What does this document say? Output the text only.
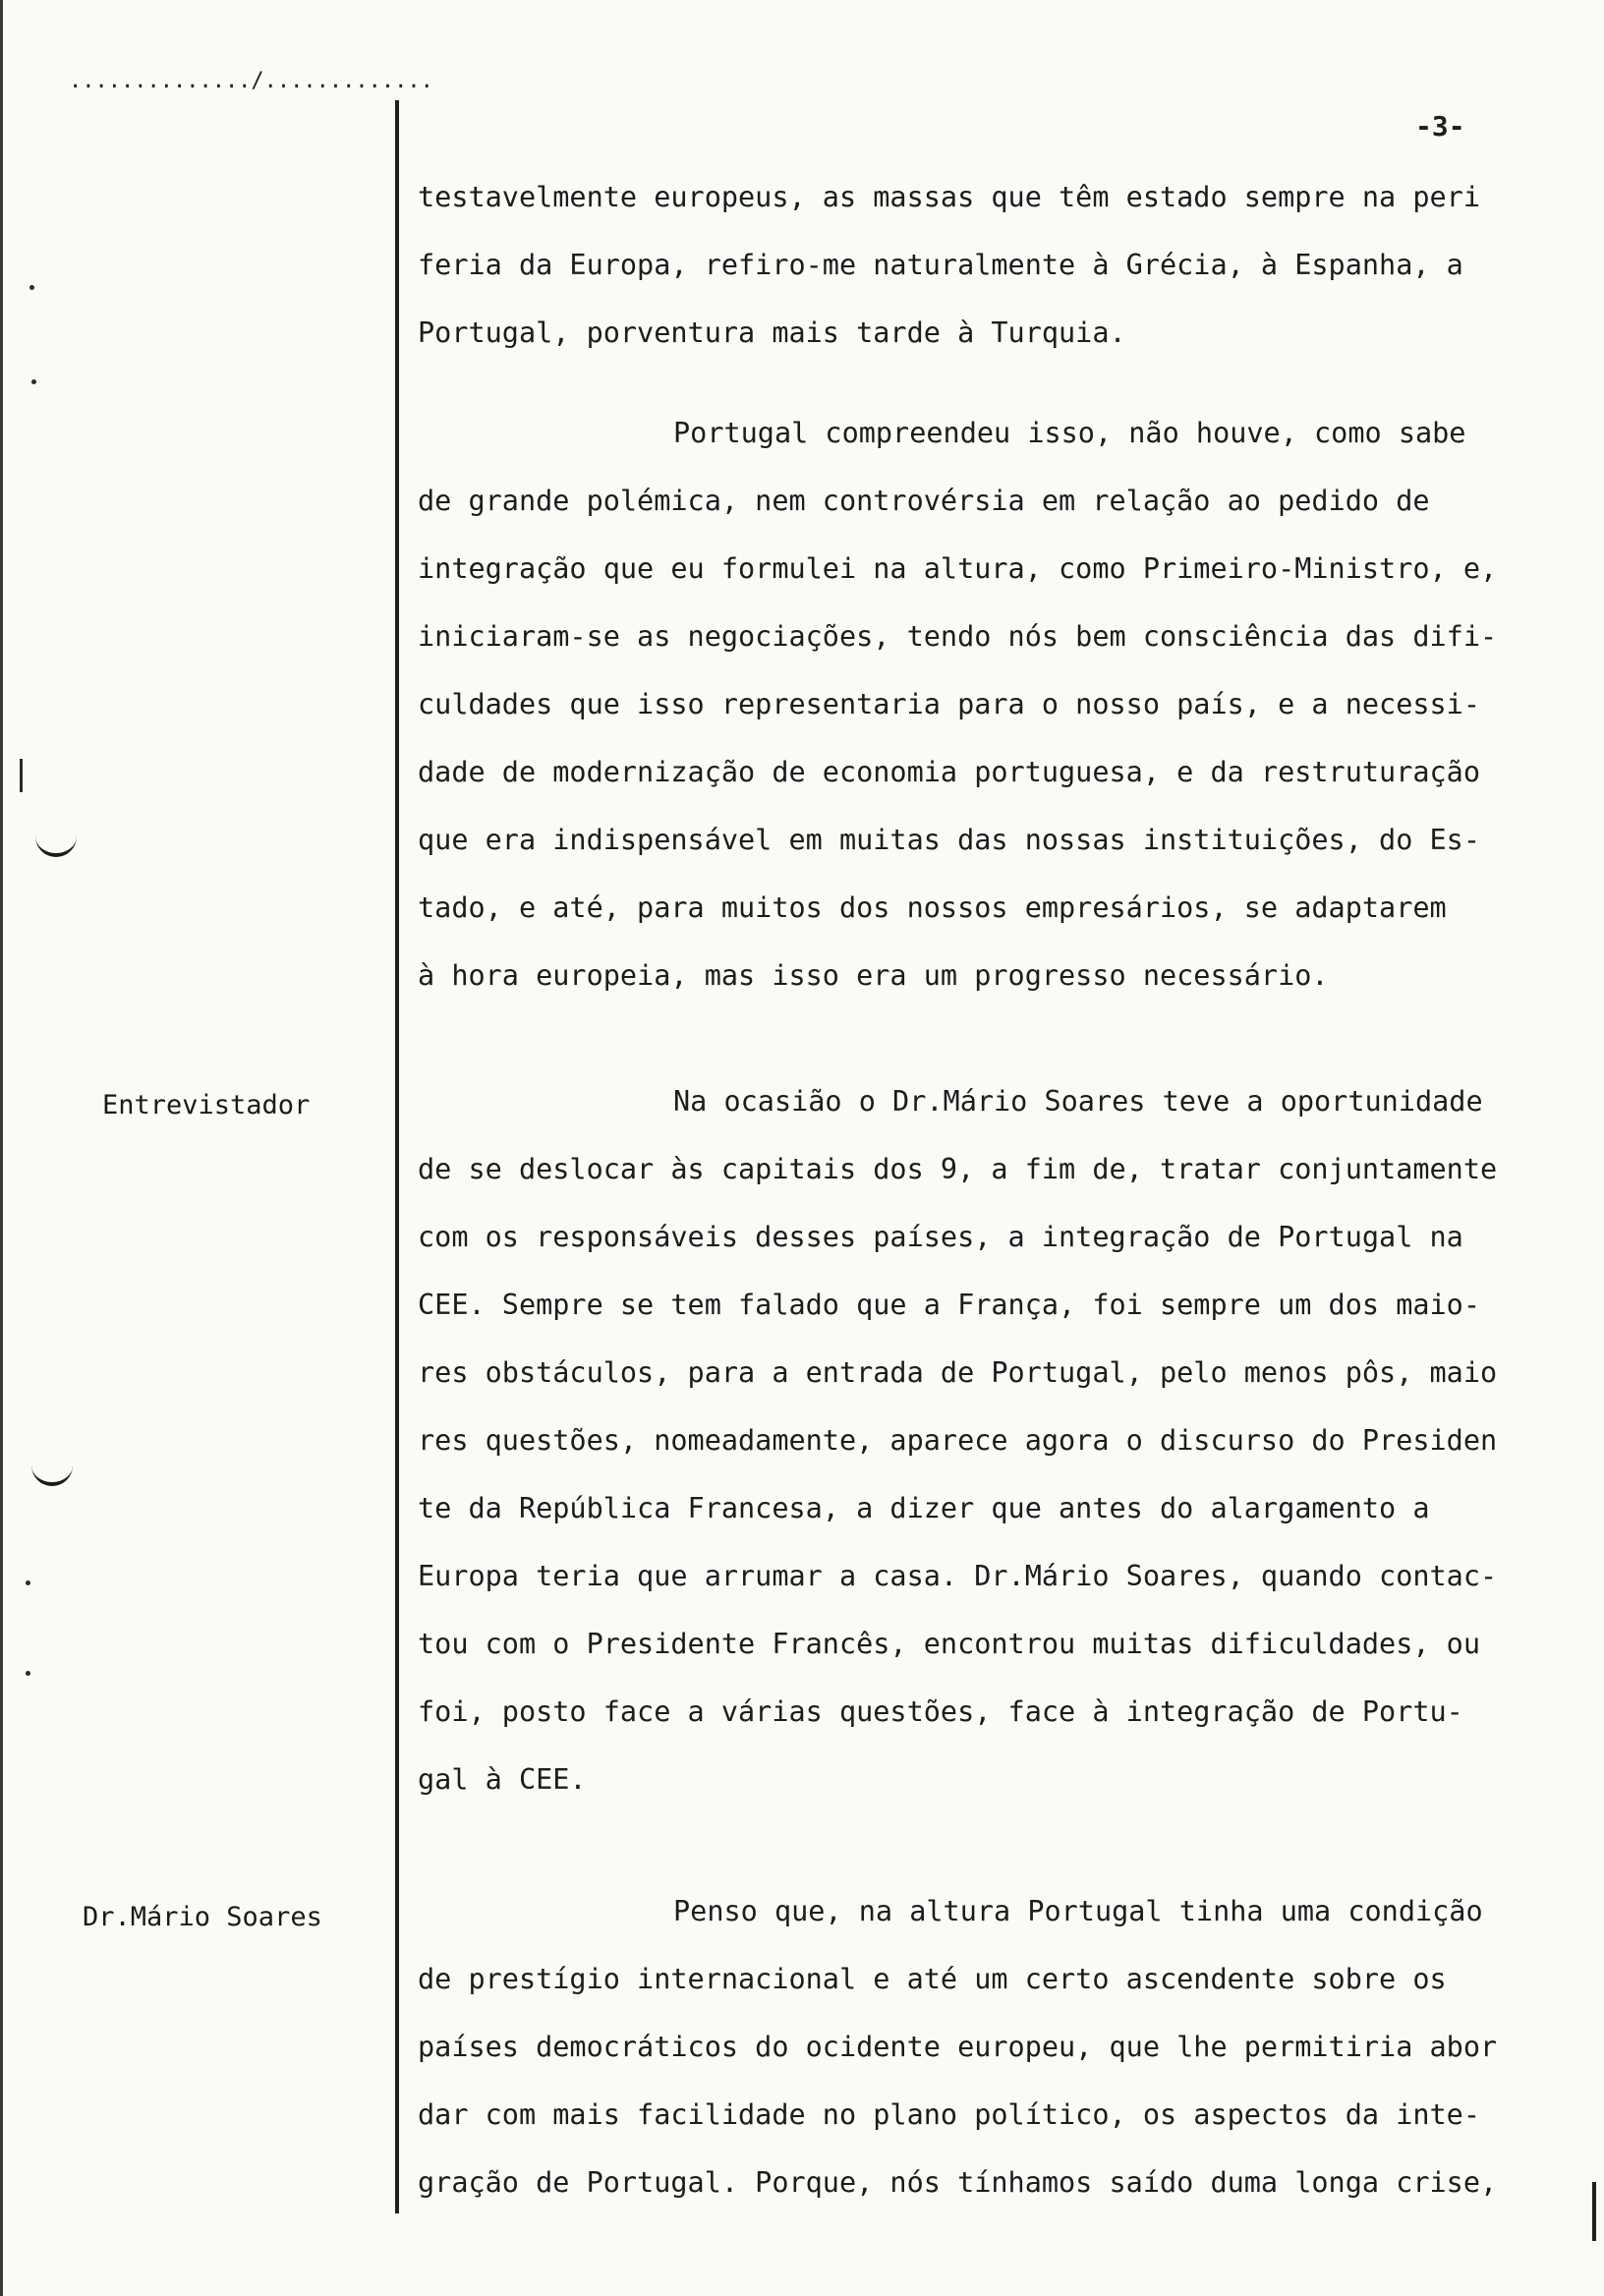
............../.............
-3-
Entrevistador
Dr.Mário Soares
testavelmente europeus, as massas que têm estado sempre na peri
feria da Europa, refiro-me naturalmente à Grécia, à Espanha, a
Portugal, porventura mais tarde à Turquia.
Portugal compreendeu isso, não houve, como sabe
de grande polémica, nem controvérsia em relação ao pedido de
integração que eu formulei na altura, como Primeiro-Ministro, e,
iniciaram-se as negociações, tendo nós bem consciência das difi-
culdades que isso representaria para o nosso país, e a necessi-
dade de modernização de economia portuguesa, e da restruturação
que era indispensável em muitas das nossas instituições, do Es-
tado, e até, para muitos dos nossos empresários, se adaptarem
à hora europeia, mas isso era um progresso necessário.
Na ocasião o Dr.Mário Soares teve a oportunidade
de se deslocar às capitais dos 9, a fim de, tratar conjuntamente
com os responsáveis desses países, a integração de Portugal na
CEE. Sempre se tem falado que a França, foi sempre um dos maio-
res obstáculos, para a entrada de Portugal, pelo menos pôs, maio
res questões, nomeadamente, aparece agora o discurso do Presiden
te da República Francesa, a dizer que antes do alargamento a
Europa teria que arrumar a casa. Dr.Mário Soares, quando contac-
tou com o Presidente Francês, encontrou muitas dificuldades, ou
foi, posto face a várias questões, face à integração de Portu-
gal à CEE.
Penso que, na altura Portugal tinha uma condição
de prestígio internacional e até um certo ascendente sobre os
países democráticos do ocidente europeu, que lhe permitiria abor
dar com mais facilidade no plano político, os aspectos da inte-
gração de Portugal. Porque, nós tínhamos saído duma longa crise,
